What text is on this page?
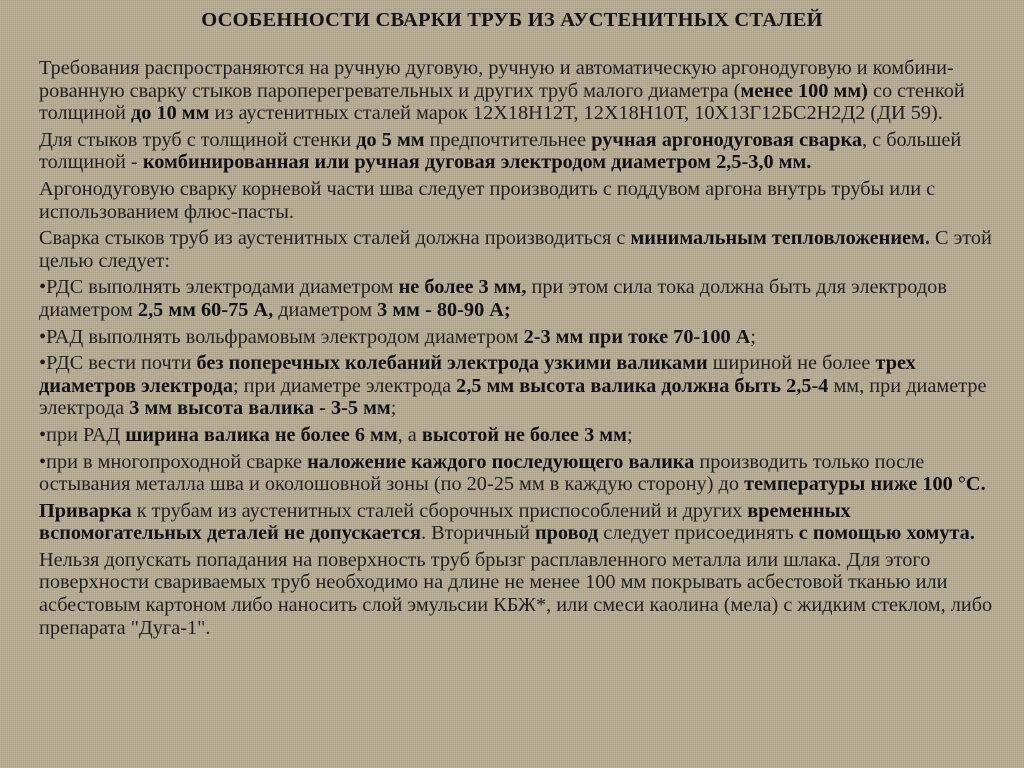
ОСОБЕННОСТИ СВАРКИ ТРУБ ИЗ АУСТЕНИТНЫХ СТАЛЕЙ

Требования распространяются на ручную дуговую, ручную и автоматическую аргонодуговую и комбини-рованную сварку стыков пароперегревательных и других труб малого диаметра (менее 100 мм) со стенкой толщиной до 10 мм из аустенитных сталей марок 12Х18Н12Т, 12Х18Н10Т, 10Х13Г12БС2Н2Д2 (ДИ 59).

Для стыков труб с толщиной стенки до 5 мм предпочтительнее ручная аргонодуговая сварка, с большей толщиной - комбинированная или ручная дуговая электродом диаметром 2,5-3,0 мм.

Аргонодуговую сварку корневой части шва следует производить с поддувом аргона внутрь трубы или с использованием флюс-пасты.

Сварка стыков труб из аустенитных сталей должна производиться с минимальным тепловложением. С этой целью следует:

•РДС выполнять электродами диаметром не более 3 мм, при этом сила тока должна быть для электродов диаметром 2,5 мм 60-75 А, диаметром 3 мм - 80-90 А;

•РАД выполнять вольфрамовым электродом диаметром 2-3 мм при токе 70-100 А;

•РДС вести почти без поперечных колебаний электрода узкими валиками шириной не более трех диаметров электрода; при диаметре электрода 2,5 мм высота валика должна быть 2,5-4 мм, при диаметре электрода 3 мм высота валика - 3-5 мм;

•при РАД ширина валика не более 6 мм, а высотой не более 3 мм;

•при в многопроходной сварке наложение каждого последующего валика производить только после остывания металла шва и околошовной зоны (по 20-25 мм в каждую сторону) до температуры ниже 100 °С.

Приварка к трубам из аустенитных сталей сборочных приспособлений и других временных вспомогательных деталей не допускается. Вторичный провод следует присоединять с помощью хомута.

Нельзя допускать попадания на поверхность труб брызг расплавленного металла или шлака. Для этого поверхности свариваемых труб необходимо на длине не менее 100 мм покрывать асбестовой тканью или асбестовым картоном либо наносить слой эмульсии КБЖ*, или смеси каолина (мела) с жидким стеклом, либо препарата "Дуга-1".
